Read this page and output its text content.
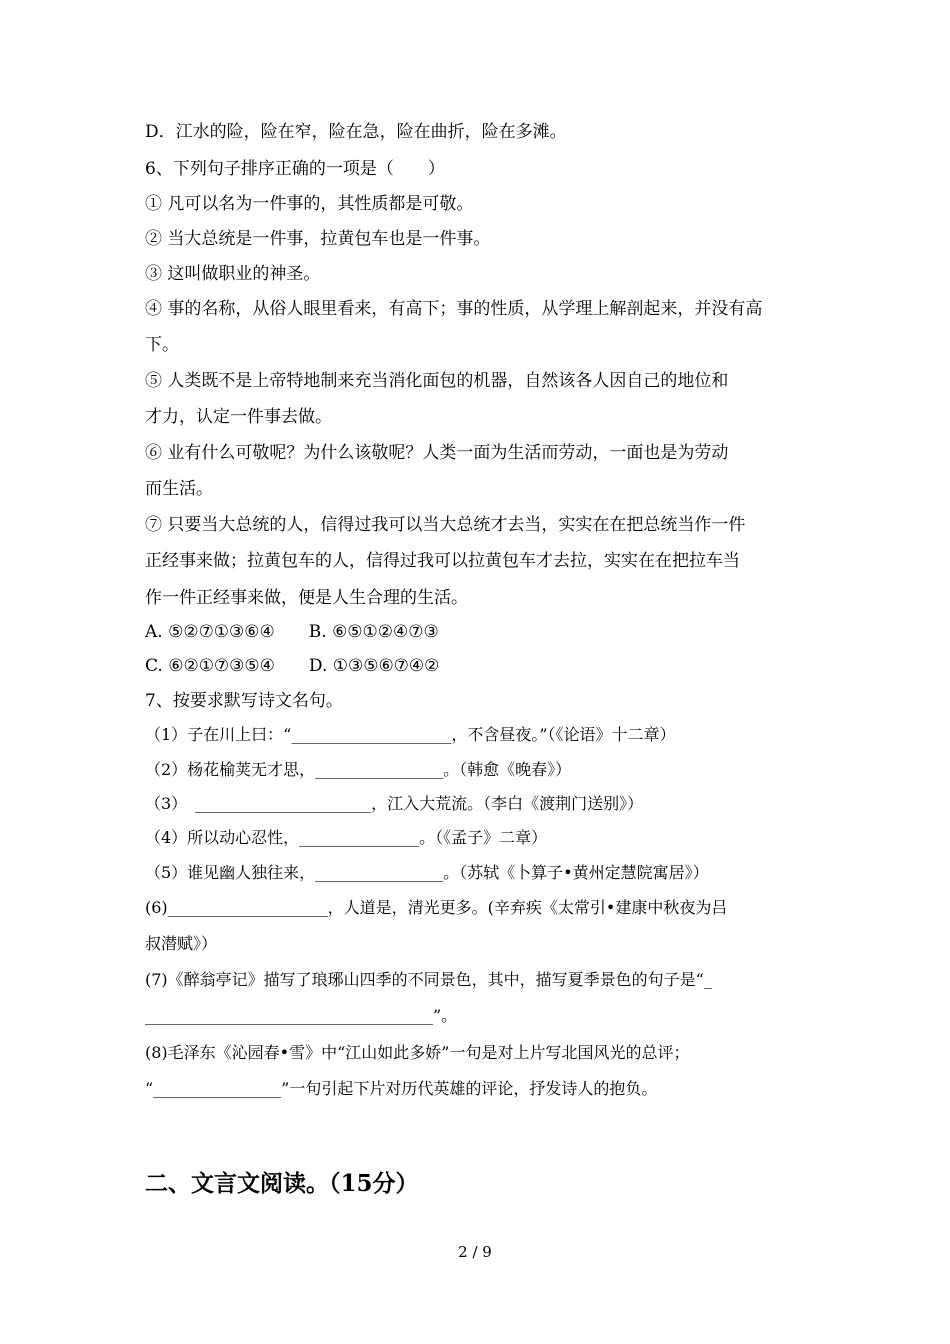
D．江水的险，险在窄，险在急，险在曲折，险在多滩。
6、下列句子排序正确的一项是（　　）
① 凡可以名为一件事的，其性质都是可敬。
② 当大总统是一件事，拉黄包车也是一件事。
③ 这叫做职业的神圣。
④ 事的名称，从俗人眼里看来，有高下；事的性质，从学理上解剖起来，并没有高
下。
⑤ 人类既不是上帝特地制来充当消化面包的机器，自然该各人因自己的地位和
才力，认定一件事去做。
⑥ 业有什么可敬呢？为什么该敬呢？人类一面为生活而劳动，一面也是为劳动
而生活。
⑦ 只要当大总统的人，信得过我可以当大总统才去当，实实在在把总统当作一件
正经事来做；拉黄包车的人，信得过我可以拉黄包车才去拉，实实在在把拉车当
作一件正经事来做，便是人生合理的生活。
A. ⑤②⑦①③⑥④　　B. ⑥⑤①②④⑦③
C. ⑥②①⑦③⑤④　　D. ①③⑤⑥⑦④②
7、按要求默写诗文名句。
（1）子在川上曰：“____________________，不含昼夜。”（《论语》十二章）
（2）杨花榆荚无才思，________________。（韩愈《晚春》）
（3）　______________________，江入大荒流。（李白《渡荆门送别》）
（4）所以动心忍性，_______________。（《孟子》二章）
（5）谁见幽人独往来，________________。（苏轼《卜算子•黄州定慧院寓居》）
(6)____________________，人道是，清光更多。(辛弃疾《太常引•建康中秋夜为吕
叔潜赋》）
(7)《醉翁亭记》描写了琅琊山四季的不同景色，其中，描写夏季景色的句子是“_
____________________________________”。
(8)毛泽东《沁园春•雪》中“江山如此多娇”一句是对上片写北国风光的总评；
“________________”一句引起下片对历代英雄的评论，抒发诗人的抱负。
二、文言文阅读。（15分）
2 / 9
